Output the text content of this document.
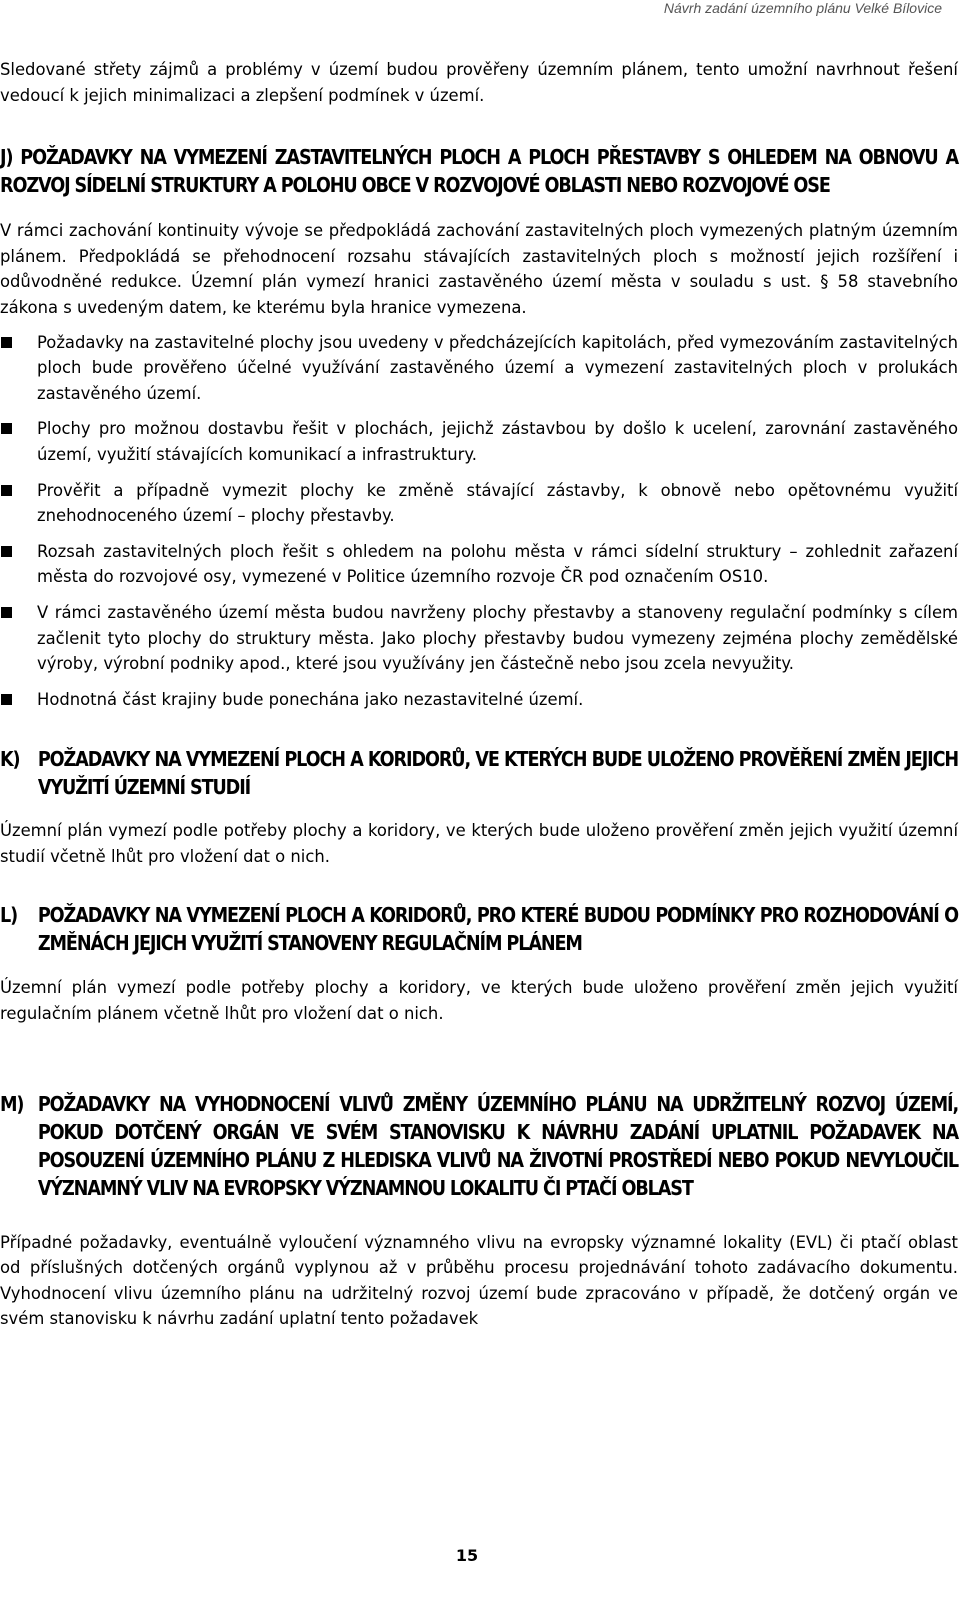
Návrh zadání územního plánu Velké Bílovice

Sledované střety zájmů a problémy v území budou prověřeny územním plánem, tento umožní navrhnout řešení vedoucí k jejich minimalizaci a zlepšení podmínek v území.

J) POŽADAVKY NA VYMEZENÍ ZASTAVITELNÝCH PLOCH A PLOCH PŘESTAVBY S OHLEDEM NA OBNOVU A ROZVOJ SÍDELNÍ STRUKTURY A POLOHU OBCE V ROZVOJOVÉ OBLASTI NEBO ROZVOJOVÉ OSE

V rámci zachování kontinuity vývoje se předpokládá zachování zastavitelných ploch vymezených platným územním plánem. Předpokládá se přehodnocení rozsahu stávajících zastavitelných ploch s možností jejich rozšíření i odůvodněné redukce. Územní plán vymezí hranici zastavěného území města v souladu s ust. § 58 stavebního zákona s uvedeným datem, ke kterému byla hranice vymezena.

Požadavky na zastavitelné plochy jsou uvedeny v předcházejících kapitolách, před vymezováním zastavitelných ploch bude prověřeno účelné využívání zastavěného území a vymezení zastavitelných ploch v prolukách zastavěného území.

Plochy pro možnou dostavbu řešit v plochách, jejichž zástavbou by došlo k ucelení, zarovnání zastavěného území, využití stávajících komunikací a infrastruktury.

Prověřit a případně vymezit plochy ke změně stávající zástavby, k obnově nebo opětovnému využití znehodnoceného území – plochy přestavby.

Rozsah zastavitelných ploch řešit s ohledem na polohu města v rámci sídelní struktury – zohlednit zařazení města do rozvojové osy, vymezené v Politice územního rozvoje ČR pod označením OS10.

V rámci zastavěného území města budou navrženy plochy přestavby a stanoveny regulační podmínky s cílem začlenit tyto plochy do struktury města. Jako plochy přestavby budou vymezeny zejména plochy zemědělské výroby, výrobní podniky apod., které jsou využívány jen částečně nebo jsou zcela nevyužity.

Hodnotná část krajiny bude ponechána jako nezastavitelné území.

K) POŽADAVKY NA VYMEZENÍ PLOCH A KORIDORŮ, VE KTERÝCH BUDE ULOŽENO PROVĚŘENÍ ZMĚN JEJICH VYUŽITÍ ÚZEMNÍ STUDIÍ

Územní plán vymezí podle potřeby plochy a koridory, ve kterých bude uloženo prověření změn jejich využití územní studií včetně lhůt pro vložení dat o nich.

L)	POŽADAVKY NA VYMEZENÍ PLOCH A KORIDORŮ, PRO KTERÉ BUDOU PODMÍNKY PRO ROZHODOVÁNÍ O ZMĚNÁCH JEJICH VYUŽITÍ STANOVENY REGULAČNÍM PLÁNEM

Územní plán vymezí podle potřeby plochy a koridory, ve kterých bude uloženo prověření změn jejich využití regulačním plánem včetně lhůt pro vložení dat o nich.

M) POŽADAVKY NA VYHODNOCENÍ VLIVŮ ZMĚNY ÚZEMNÍHO PLÁNU NA UDRŽITELNÝ ROZVOJ ÚZEMÍ, POKUD DOTČENÝ ORGÁN VE SVÉM STANOVISKU K NÁVRHU ZADÁNÍ UPLATNIL POŽADAVEK NA POSOUZENÍ ÚZEMNÍHO PLÁNU Z HLEDISKA VLIVŮ NA ŽIVOTNÍ PROSTŘEDÍ NEBO POKUD NEVYLOUČIL VÝZNAMNÝ VLIV NA EVROPSKY VÝZNAMNOU LOKALITU ČI PTAČÍ OBLAST

Případné požadavky, eventuálně vyloučení významného vlivu na evropsky významné lokality (EVL) či ptačí oblast od příslušných dotčených orgánů vyplynou až v průběhu procesu projednávání tohoto zadávacího dokumentu. Vyhodnocení vlivu územního plánu na udržitelný rozvoj území bude zpracováno v případě, že dotčený orgán ve svém stanovisku k návrhu zadání uplatní tento požadavek

15
